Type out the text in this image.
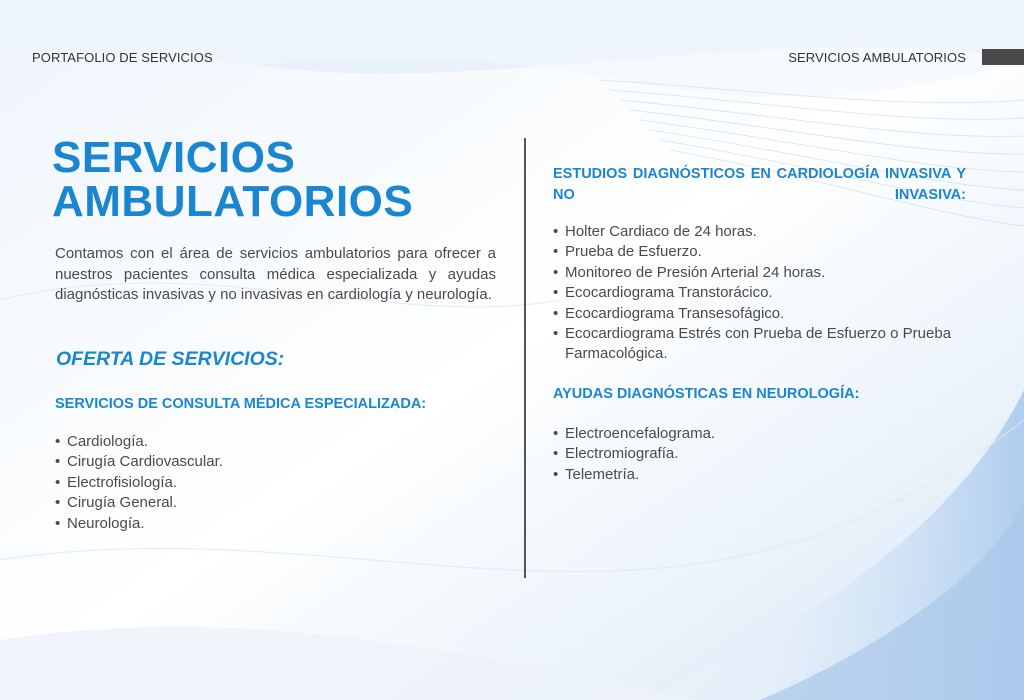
PORTAFOLIO DE SERVICIOS	SERVICIOS AMBULATORIOS
SERVICIOS
AMBULATORIOS

Contamos con el área de servicios ambulatorios para ofrecer a nuestros pacientes consulta médica especializada y ayudas diagnósticas invasivas y no invasivas en cardiología y neurología.

OFERTA DE SERVICIOS:
SERVICIOS DE CONSULTA MÉDICA ESPECIALIZADA:
• Cardiología.
• Cirugía Cardiovascular.
• Electrofisiología.
• Cirugía General.
• Neurología.
ESTUDIOS DIAGNÓSTICOS EN CARDIOLOGÍA INVASIVA Y NO INVASIVA:
• Holter Cardiaco de 24 horas.
• Prueba de Esfuerzo.
• Monitoreo de Presión Arterial 24 horas.
• Ecocardiograma Transtorácico.
• Ecocardiograma Transesofágico.
• Ecocardiograma Estrés con Prueba de Esfuerzo o Prueba Farmacológica.
AYUDAS DIAGNÓSTICAS EN NEUROLOGÍA:
• Electroencefalograma.
• Electromiografía.
• Telemetría.
